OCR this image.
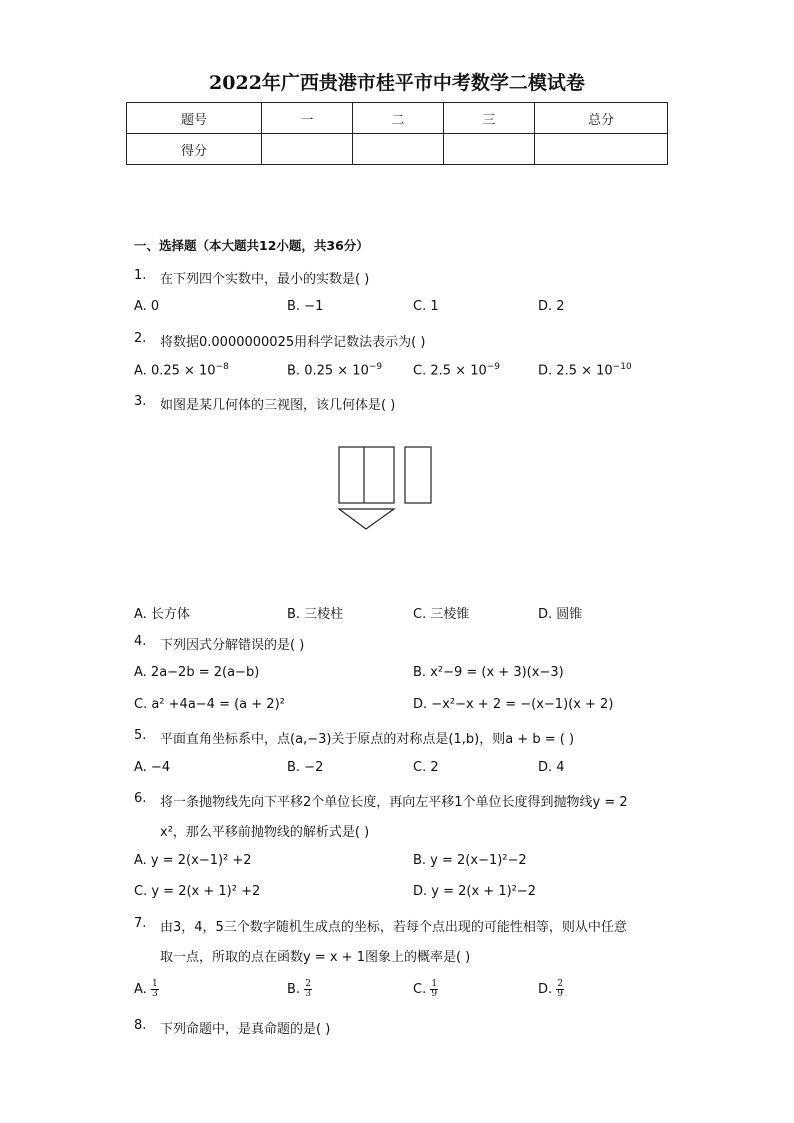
2022年广西贵港市桂平市中考数学二模试卷
题号	一	二	三	总分
得分				
一、选择题（本大题共12小题，共36分）
1. 在下列四个实数中，最小的实数是( )
A. 0	B. −1	C. 1	D. 2
2. 将数据0.0000000025用科学记数法表示为( )
A. $0.25 \times 10^{-8}$	B. $0.25 \times 10^{-9}$ C. $2.5 \times 10^{-9}$	D. $2.5 \times 10^{-10}$
3. 如图是某几何体的三视图，该几何体是( )
A. 长方体	B. 三棱柱	C. 三棱锥	D. 圆锥
4. 下列因式分解错误的是( )
A. 2a−2b = 2(a−b)	B. x²−9 = (x + 3)(x−3)
C. a² +4a−4 = (a + 2)²	D. −x²−x + 2 = −(x−1)(x + 2)
5. 平面直角坐标系中，点(a,−3)关于原点的对称点是(1,b)，则a + b = ( )
A. −4	B. −2	C. 2	D. 4
6. 将一条抛物线先向下平移2个单位长度，再向左平移1个单位长度得到抛物线y = 2
x²，那么平移前抛物线的解析式是( )
A. y = 2(x−1)² +2	B. y = 2(x−1)²−2
C. y = 2(x + 1)² +2	D. y = 2(x + 1)²−2
7. 由3，4，5三个数字随机生成点的坐标，若每个点出现的可能性相等，则从中任意
取一点，所取的点在函数y = x + 1图象上的概率是( )
A. $\frac{1}{3}$	B. $\frac{2}{3}$	C. $\frac{1}{9}$	D. $\frac{2}{9}$
8. 下列命题中，是真命题的是( )
